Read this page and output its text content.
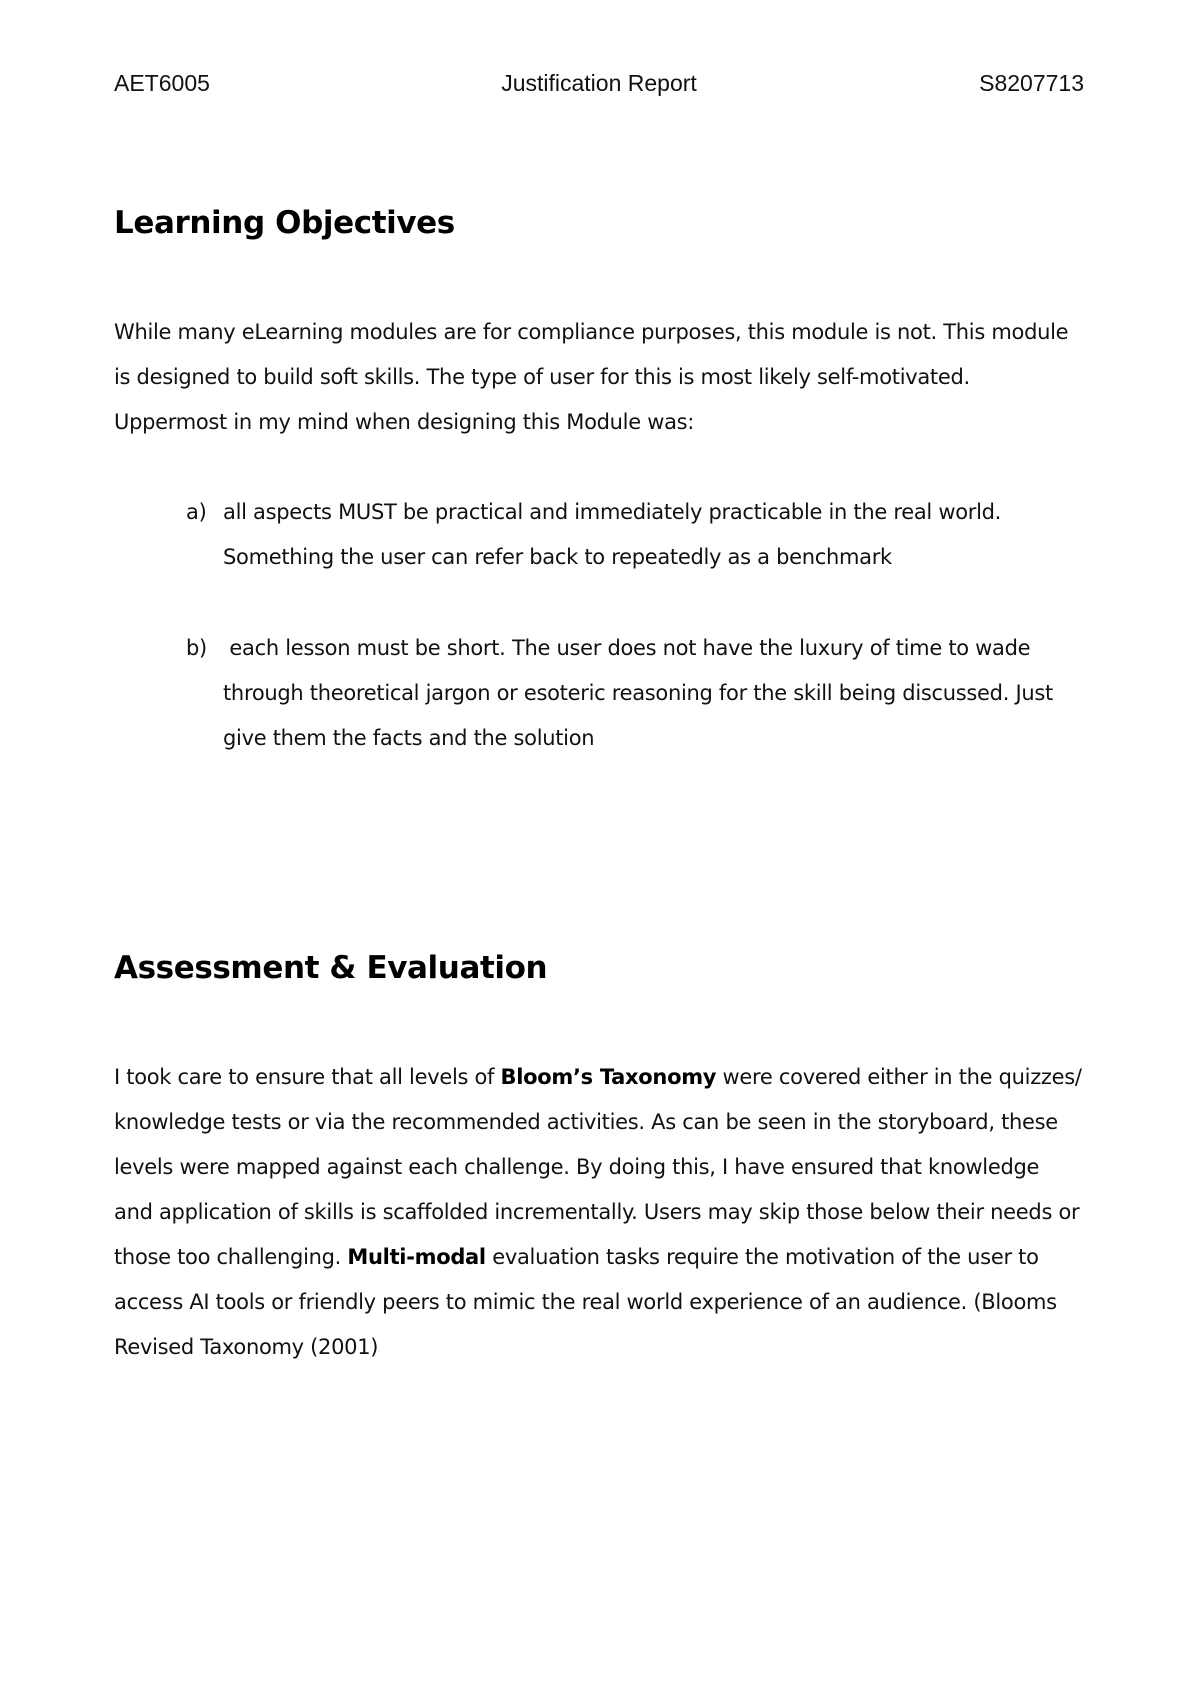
AET6005	Justification Report	S8207713
Learning Objectives

While many eLearning modules are for compliance purposes, this module is not. This module is designed to build soft skills. The type of user for this is most likely self-motivated. Uppermost in my mind when designing this Module was:

a) all aspects MUST be practical and immediately practicable in the real world. Something the user can refer back to repeatedly as a benchmark
b) each lesson must be short. The user does not have the luxury of time to wade through theoretical jargon or esoteric reasoning for the skill being discussed. Just give them the facts and the solution
Assessment & Evaluation

I took care to ensure that all levels of Bloom’s Taxonomy were covered either in the quizzes/ knowledge tests or via the recommended activities. As can be seen in the storyboard, these levels were mapped against each challenge. By doing this, I have ensured that knowledge and application of skills is scaffolded incrementally. Users may skip those below their needs or those too challenging. Multi-modal evaluation tasks require the motivation of the user to access AI tools or friendly peers to mimic the real world experience of an audience. (Blooms Revised Taxonomy (2001)
